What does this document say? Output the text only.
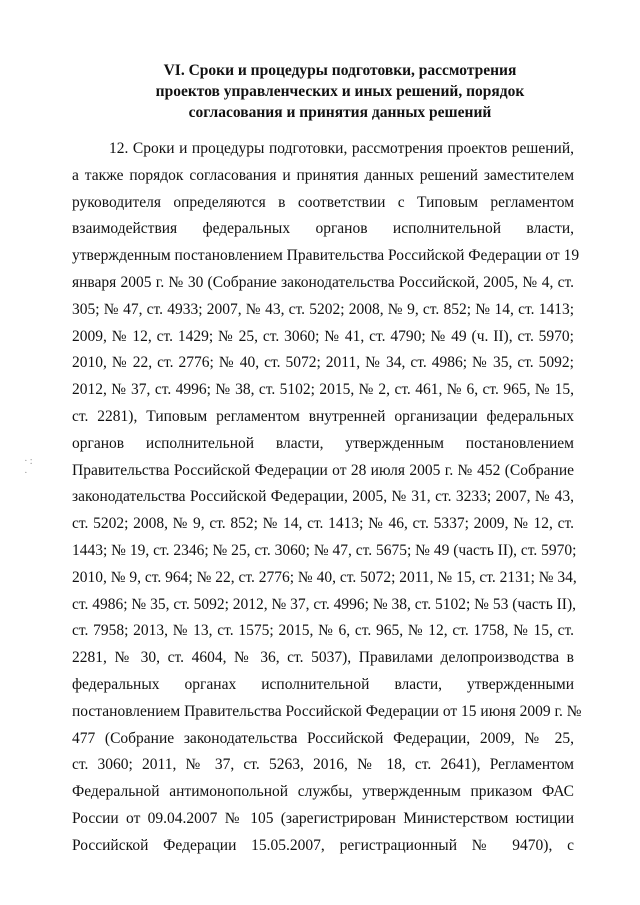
VI. Сроки и процедуры подготовки, рассмотрения
проектов управленческих и иных решений, порядок
согласования и принятия данных решений
·: ·
12. Сроки и процедуры подготовки, рассмотрения проектов решений,
а также порядок согласования и принятия данных решений заместителем
руководителя определяются в соответствии с Типовым регламентом
взаимодействия федеральных органов исполнительной власти,
утвержденным постановлением Правительства Российской Федерации от 19
января 2005 г. № 30 (Собрание законодательства Российской, 2005, № 4, ст.
305; № 47, ст. 4933; 2007, № 43, ст. 5202; 2008, № 9, ст. 852; № 14, ст. 1413;
2009, № 12, ст. 1429; № 25, ст. 3060; № 41, ст. 4790; № 49 (ч. II), ст. 5970;
2010, № 22, ст. 2776; № 40, ст. 5072; 2011, № 34, ст. 4986; № 35, ст. 5092;
2012, № 37, ст. 4996; № 38, ст. 5102; 2015, № 2, ст. 461, № 6, ст. 965, № 15,
ст. 2281), Типовым регламентом внутренней организации федеральных
органов исполнительной власти, утвержденным постановлением
Правительства Российской Федерации от 28 июля 2005 г. № 452 (Собрание
законодательства Российской Федерации, 2005, № 31, ст. 3233; 2007, № 43,
ст. 5202; 2008, № 9, ст. 852; № 14, ст. 1413; № 46, ст. 5337; 2009, № 12, ст.
1443; № 19, ст. 2346; № 25, ст. 3060; № 47, ст. 5675; № 49 (часть II), ст. 5970;
2010, № 9, ст. 964; № 22, ст. 2776; № 40, ст. 5072; 2011, № 15, ст. 2131; № 34,
ст. 4986; № 35, ст. 5092; 2012, № 37, ст. 4996; № 38, ст. 5102; № 53 (часть II),
ст. 7958; 2013, № 13, ст. 1575; 2015, № 6, ст. 965, № 12, ст. 1758, № 15, ст.
2281, № 30, ст. 4604, № 36, ст. 5037), Правилами делопроизводства в
федеральных органах исполнительной власти, утвержденными
постановлением Правительства Российской Федерации от 15 июня 2009 г. №
477 (Собрание законодательства Российской Федерации, 2009, № 25,
ст. 3060; 2011, № 37, ст. 5263, 2016, № 18, ст. 2641), Регламентом
Федеральной антимонопольной службы, утвержденным приказом ФАС
России от 09.04.2007 № 105 (зарегистрирован Министерством юстиции
Российской Федерации 15.05.2007, регистрационный № 9470), с
